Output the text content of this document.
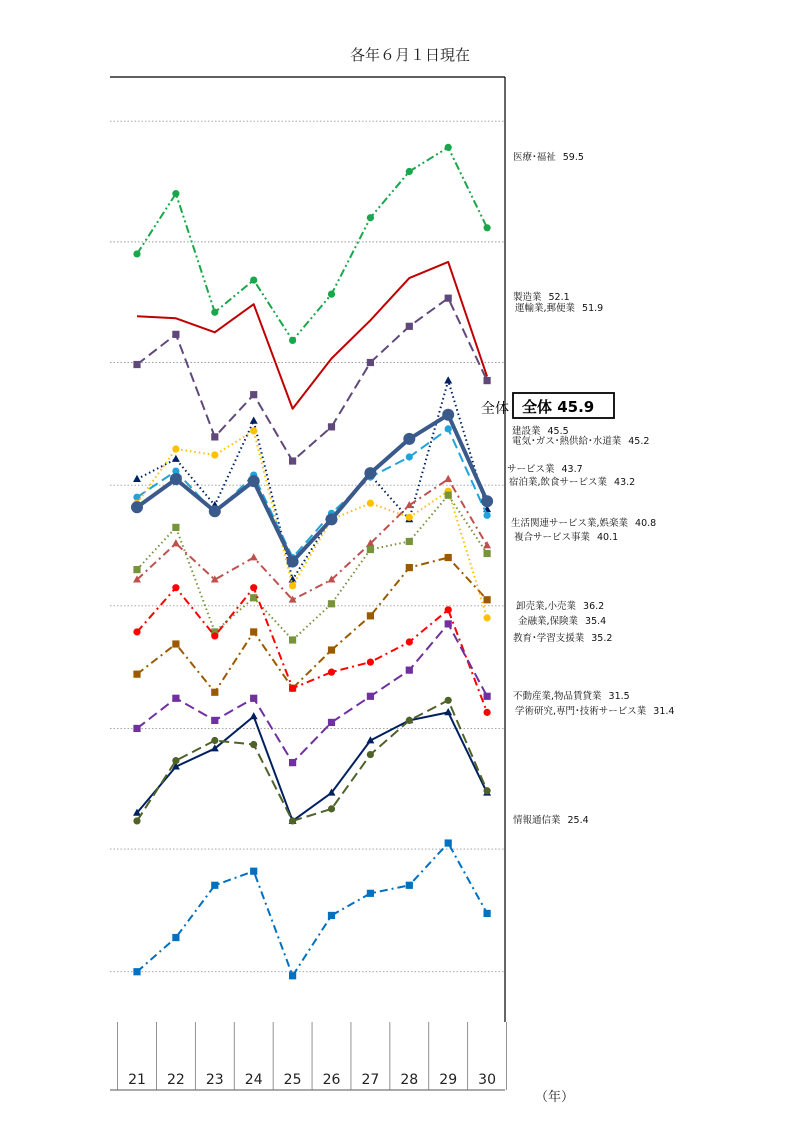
各年６月１日現在
（年）
21 22 23 24 25 26 27 28 29 30
医療･福祉 59.5
製造業 52.1
運輸業,郵便業 51.9
建設業 45.5
電気･ガス･熱供給･水道業 45.2
サービス業 43.7
宿泊業,飲食サービス業 43.2
生活関連サービス業,娯楽業 40.8
複合サービス事業 40.1
卸売業,小売業 36.2
金融業,保険業 35.4
教育･学習支援業 35.2
不動産業,物品賃貸業 31.5
学術研究,専門･技術サービス業 31.4
情報通信業 25.4
全体 全体 45.9
